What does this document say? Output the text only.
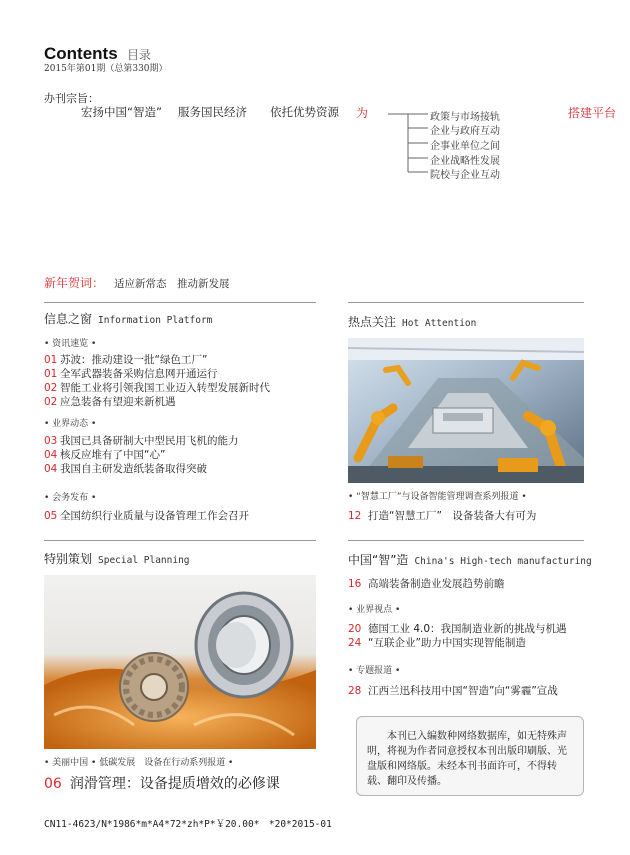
Contents 目录
2015年第01期（总第330期）
办刊宗旨：
宏扬中国“智造” 服务国民经济 依托优势资源 为	搭建平台
政策与市场接轨
企业与政府互动
企事业单位之间
企业战略性发展
院校与企业互动
新年贺词： 适应新常态　推动新发展
信息之窗 Information Platform
• 资讯速览 •
01 苏波：推动建设一批“绿色工厂”
01 全军武器装备采购信息网开通运行
02 智能工业将引领我国工业迈入转型发展新时代
02 应急装备有望迎来新机遇
• 业界动态 •
03 我国已具备研制大中型民用飞机的能力
04 核反应堆有了中国“心”
04 我国自主研发造纸装备取得突破
• 会务发布 •
05 全国纺织行业质量与设备管理工作会召开
热点关注 Hot Attention
• “智慧工厂”与设备智能管理调查系列报道 •
12 打造“智慧工厂”　设备装备大有可为
特别策划 Special Planning
• 美丽中国 • 低碳发展　设备在行动系列报道 •
06 润滑管理：设备提质增效的必修课
中国“智”造 China's High-tech manufacturing
16 高端装备制造业发展趋势前瞻
• 业界视点 •
20 德国工业 4.0：我国制造业新的挑战与机遇
24 “互联企业”助力中国实现智能制造
• 专题报道 •
28 江西兰迅科技用中国“智造”向“雾霾”宣战
本刊已入编数种网络数据库，如无特殊声明，将视为作者同意授权本刊出版印刷版、光盘版和网络版。未经本刊书面许可，不得转载、翻印及传播。
CN11-4623/N*1986*m*A4*72*zh*P*￥20.00*　*20*2015-01
